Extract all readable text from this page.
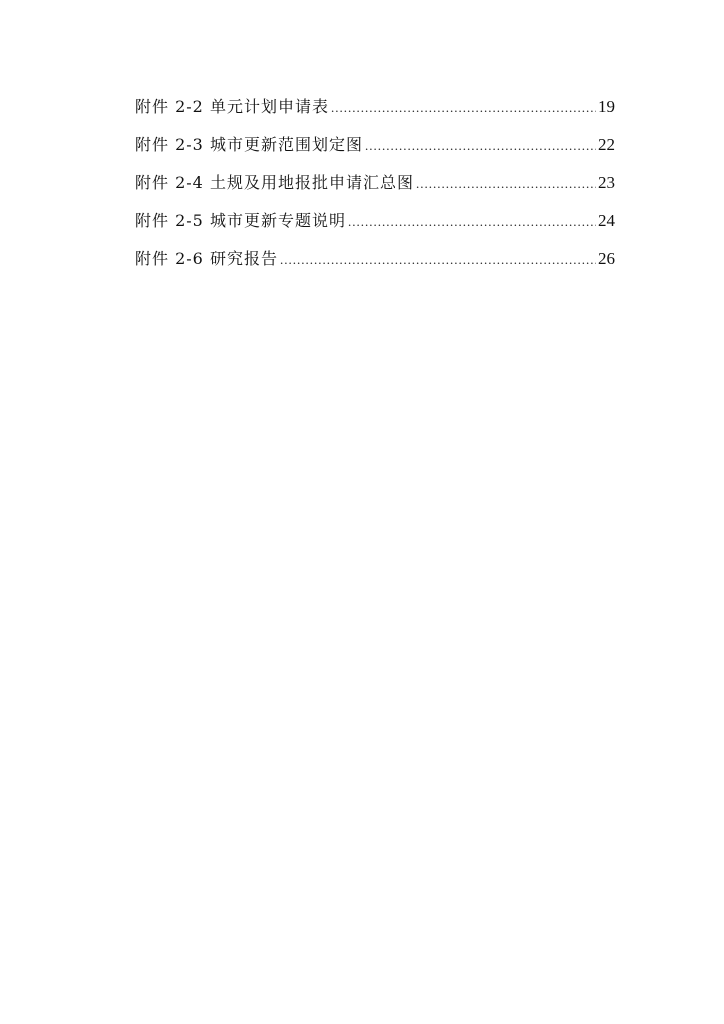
附件 2-2 单元计划申请表 .....	19
附件 2-3 城市更新范围划定图 .....	22
附件 2-4 土规及用地报批申请汇总图 .....	23
附件 2-5 城市更新专题说明 .....	24
附件 2-6 研究报告 .....	26
